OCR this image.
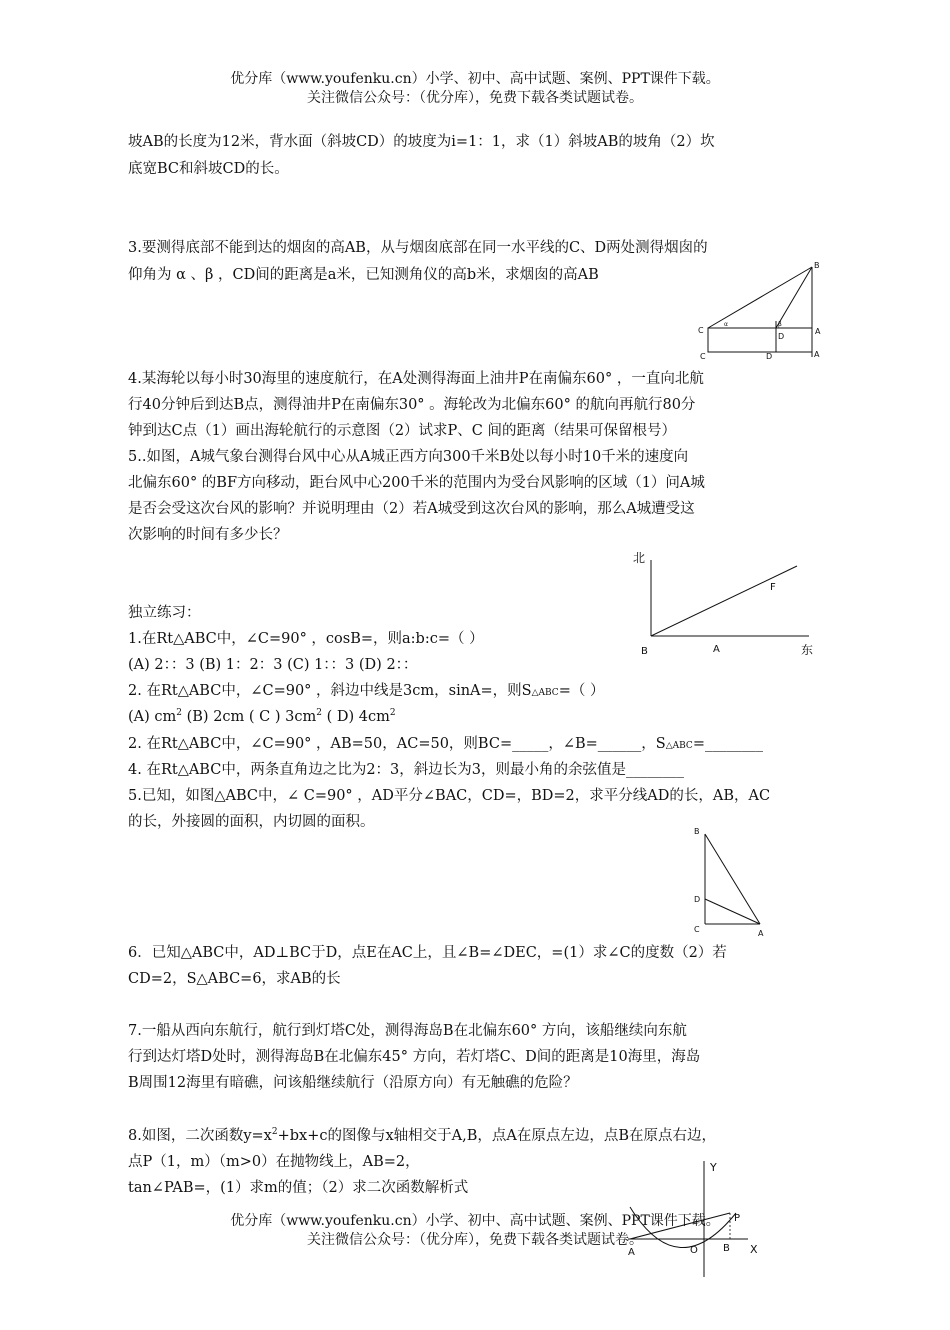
优分库（www.youfenku.cn）小学、初中、高中试题、案例、PPT课件下载。
关注微信公众号：（优分库），免费下载各类试题试卷。
坡AB的长度为12米，背水面（斜坡CD）的坡度为i=1：1，求（1）斜坡AB的坡角（2）坎
底宽BC和斜坡CD的长。
3.要测得底部不能到达的烟囱的高AB，从与烟囱底部在同一水平线的C、D两处测得烟囱的
仰角为 α 、β ，CD间的距离是a米，已知测角仪的高b米，求烟囱的高AB
4.某海轮以每小时30海里的速度航行，在A处测得海面上油井P在南偏东60° ，一直向北航
行40分钟后到达B点，测得油井P在南偏东30° 。海轮改为北偏东60° 的航向再航行80分
钟到达C点（1）画出海轮航行的示意图（2）试求P、C 间的距离（结果可保留根号）
5..如图，A城气象台测得台风中心从A城正西方向300千米B处以每小时10千米的速度向
北偏东60° 的BF方向移动，距台风中心200千米的范围内为受台风影响的区域（1）问A城
是否会受这次台风的影响？并说明理由（2）若A城受到这次台风的影响，那么A城遭受这
次影响的时间有多少长？
独立练习：
1.在Rt△ABC中，∠C=90° ，cosB=，则a:b:c=（ ）
(A) 2：：3 (B) 1：2：3 (C) 1：：3 (D) 2：：
2. 在Rt△ABC中，∠C=90° ，斜边中线是3cm，sinA=，则S△ABC=（ ）
(A) $cm^2$ (B) 2cm ( C ) $3cm^2$ ( D) $4cm^2$
2. 在Rt△ABC中，∠C=90° ，AB=50，AC=50，则BC=_____，∠B=______，S△ABC=________
4. 在Rt△ABC中，两条直角边之比为2：3，斜边长为3，则最小角的余弦值是________
5.已知，如图△ABC中，∠ C=90° ，AD平分∠BAC，CD=，BD=2，求平分线AD的长，AB，AC
的长，外接圆的面积，内切圆的面积。
6．已知△ABC中，AD⊥BC于D，点E在AC上，且∠B=∠DEC，=(1）求∠C的度数（2）若
CD=2，S△ABC=6，求AB的长
7.一船从西向东航行，航行到灯塔C处，测得海岛B在北偏东60° 方向，该船继续向东航
行到达灯塔D处时，测得海岛B在北偏东45° 方向，若灯塔C、D间的距离是10海里，海岛
B周围12海里有暗礁，问该船继续航行（沿原方向）有无触礁的危险？
8.如图，二次函数$y=x^2+bx+c$的图像与x轴相交于A,B，点A在原点左边，点B在原点右边，
点P（1，m）（m>0）在抛物线上，AB=2，
tan∠PAB=，(1）求m的值；（2）求二次函数解析式
B
C
α	β
D
A
C	D	A
北
F
B	A	东
B
D
C	A
Y
P
O	B X
A
优分库（www.youfenku.cn）小学、初中、高中试题、案例、PPT课件下载。
关注微信公众号：（优分库），免费下载各类试题试卷。
